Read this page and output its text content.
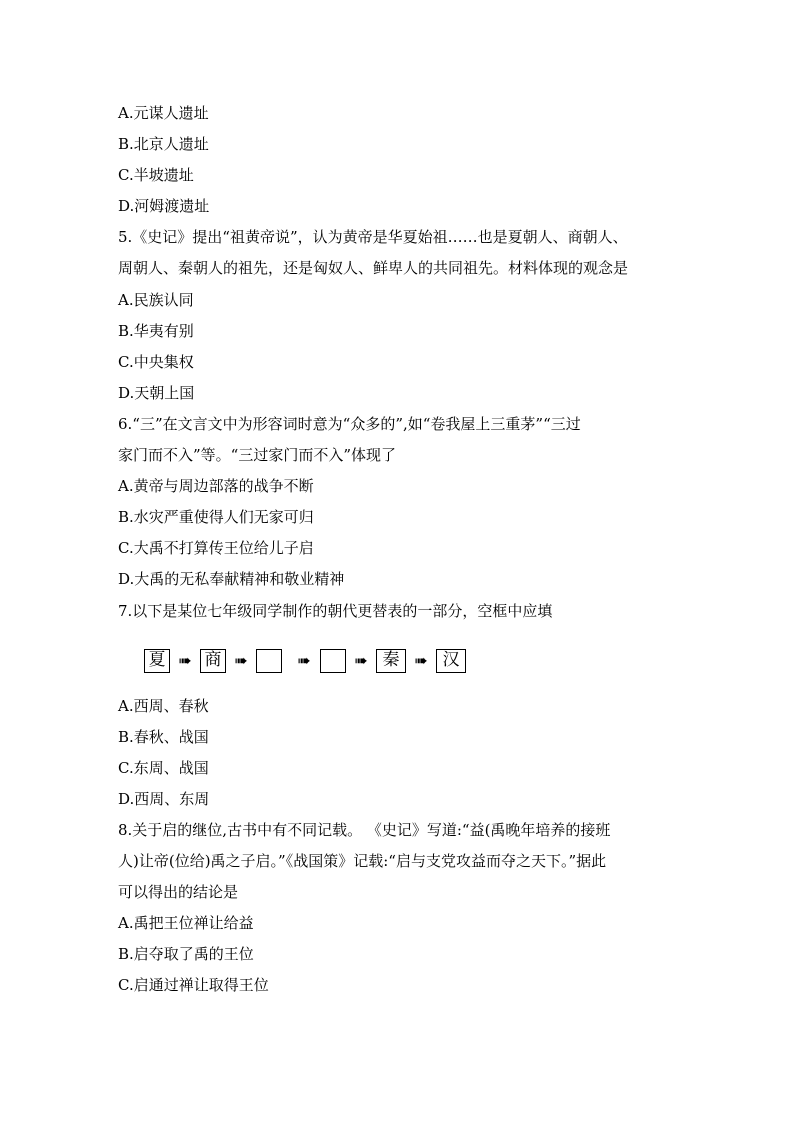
A.元谋人遗址
B.北京人遗址
C.半坡遗址
D.河姆渡遗址
5.《史记》提出“祖黄帝说”，认为黄帝是华夏始祖……也是夏朝人、商朝人、
周朝人、秦朝人的祖先，还是匈奴人、鲜卑人的共同祖先。材料体现的观念是
A.民族认同
B.华夷有别
C.中央集权
D.天朝上国
6.“三”在文言文中为形容词时意为“众多的”,如“卷我屋上三重茅”“三过
家门而不入”等。“三过家门而不入”体现了
A.黄帝与周边部落的战争不断
B.水灾严重使得人们无家可归
C.大禹不打算传王位给儿子启
D.大禹的无私奉献精神和敬业精神
7.以下是某位七年级同学制作的朝代更替表的一部分，空框中应填
夏 ➠ 商 ➠	➠	➠ 秦 ➠ 汉
A.西周、春秋
B.春秋、战国
C.东周、战国
D.西周、东周
8.关于启的继位,古书中有不同记载。 《史记》写道:“益(禹晚年培养的接班
人)让帝(位给)禹之子启。”《战国策》记载:“启与支党攻益而夺之天下。”据此
可以得出的结论是
A.禹把王位禅让给益
B.启夺取了禹的王位
C.启通过禅让取得王位
